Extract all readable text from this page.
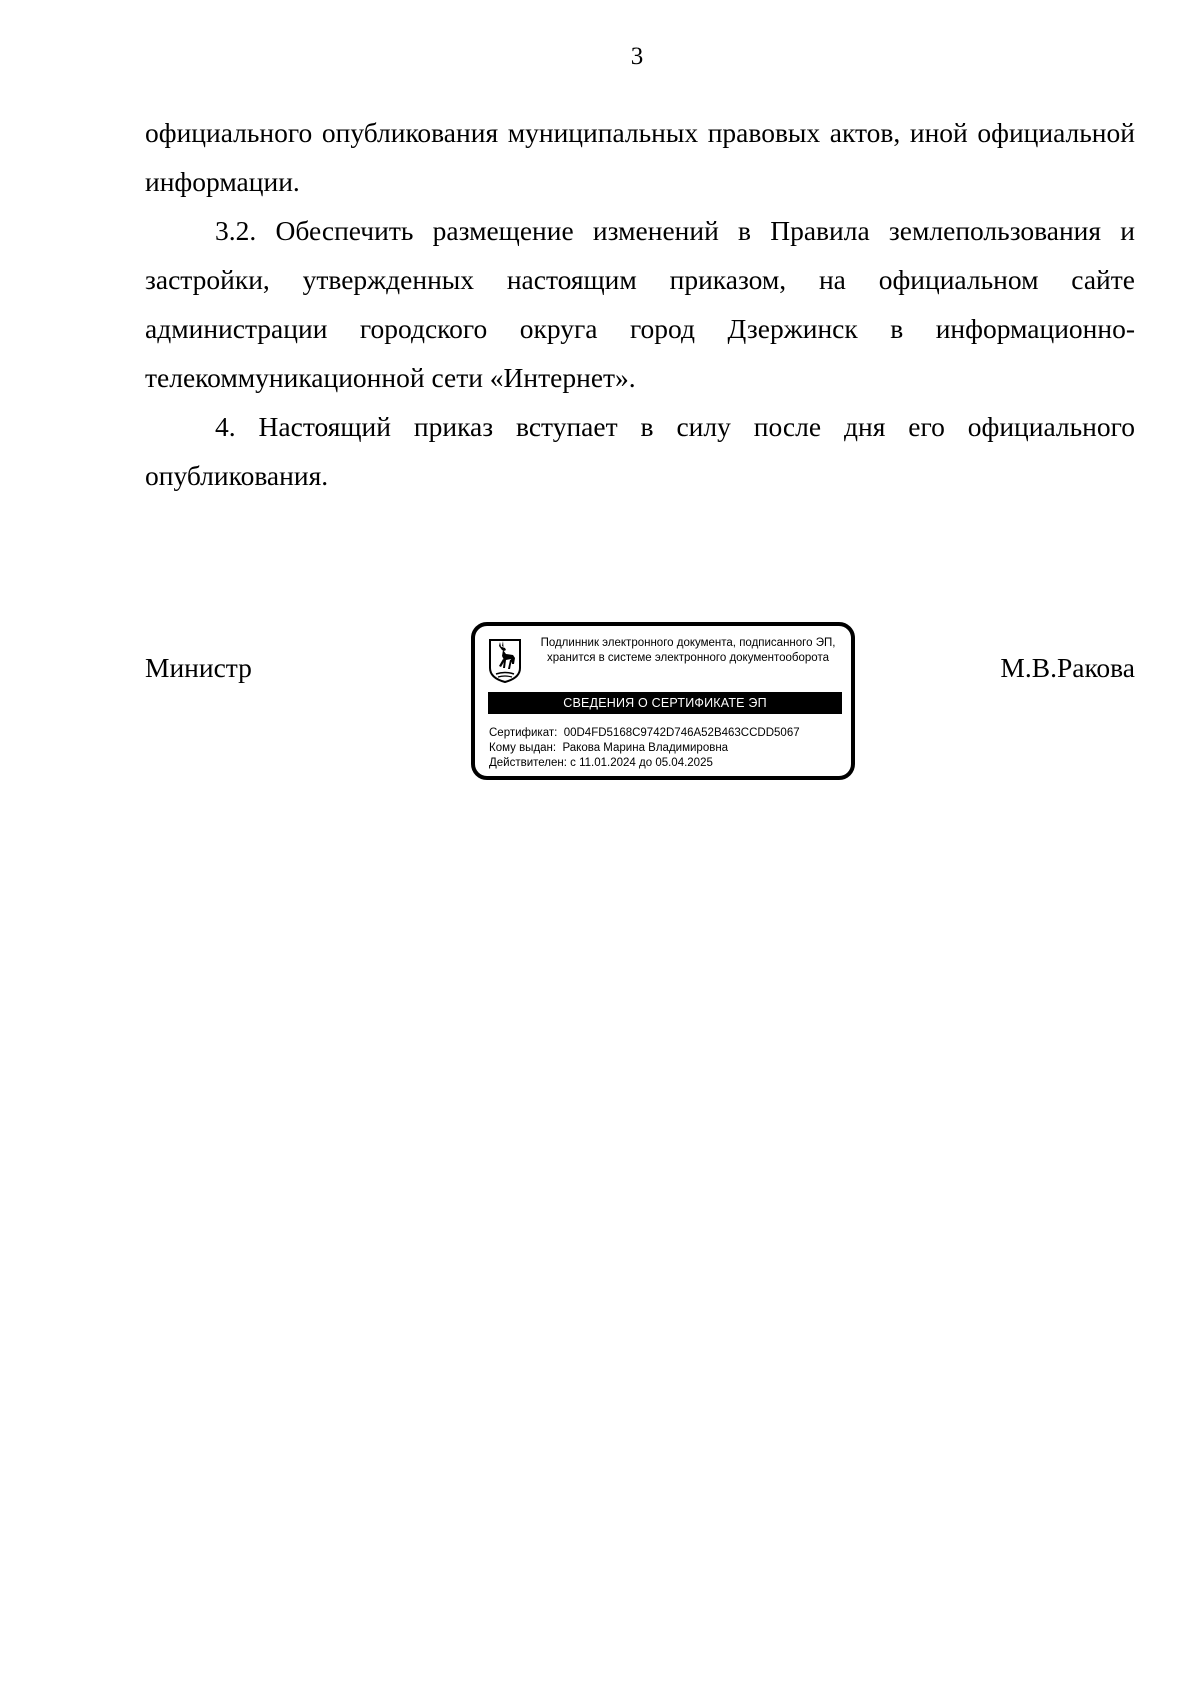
3

официального опубликования муниципальных правовых актов, иной официальной информации.

3.2. Обеспечить размещение изменений в Правила землепользования и застройки, утвержденных настоящим приказом, на официальном сайте администрации городского округа город Дзержинск в информационно-телекоммуникационной сети «Интернет».

4. Настоящий приказ вступает в силу после дня его официального опубликования.

Министр
Подлинник электронного документа, подписанного ЭП,
хранится в системе электронного документооборота
СВЕДЕНИЯ О СЕРТИФИКАТЕ ЭП
Сертификат: 00D4FD5168C9742D746A52B463CCDD5067
Кому выдан: Ракова Марина Владимировна
Действителен: с 11.01.2024 до 05.04.2025
М.В.Ракова
